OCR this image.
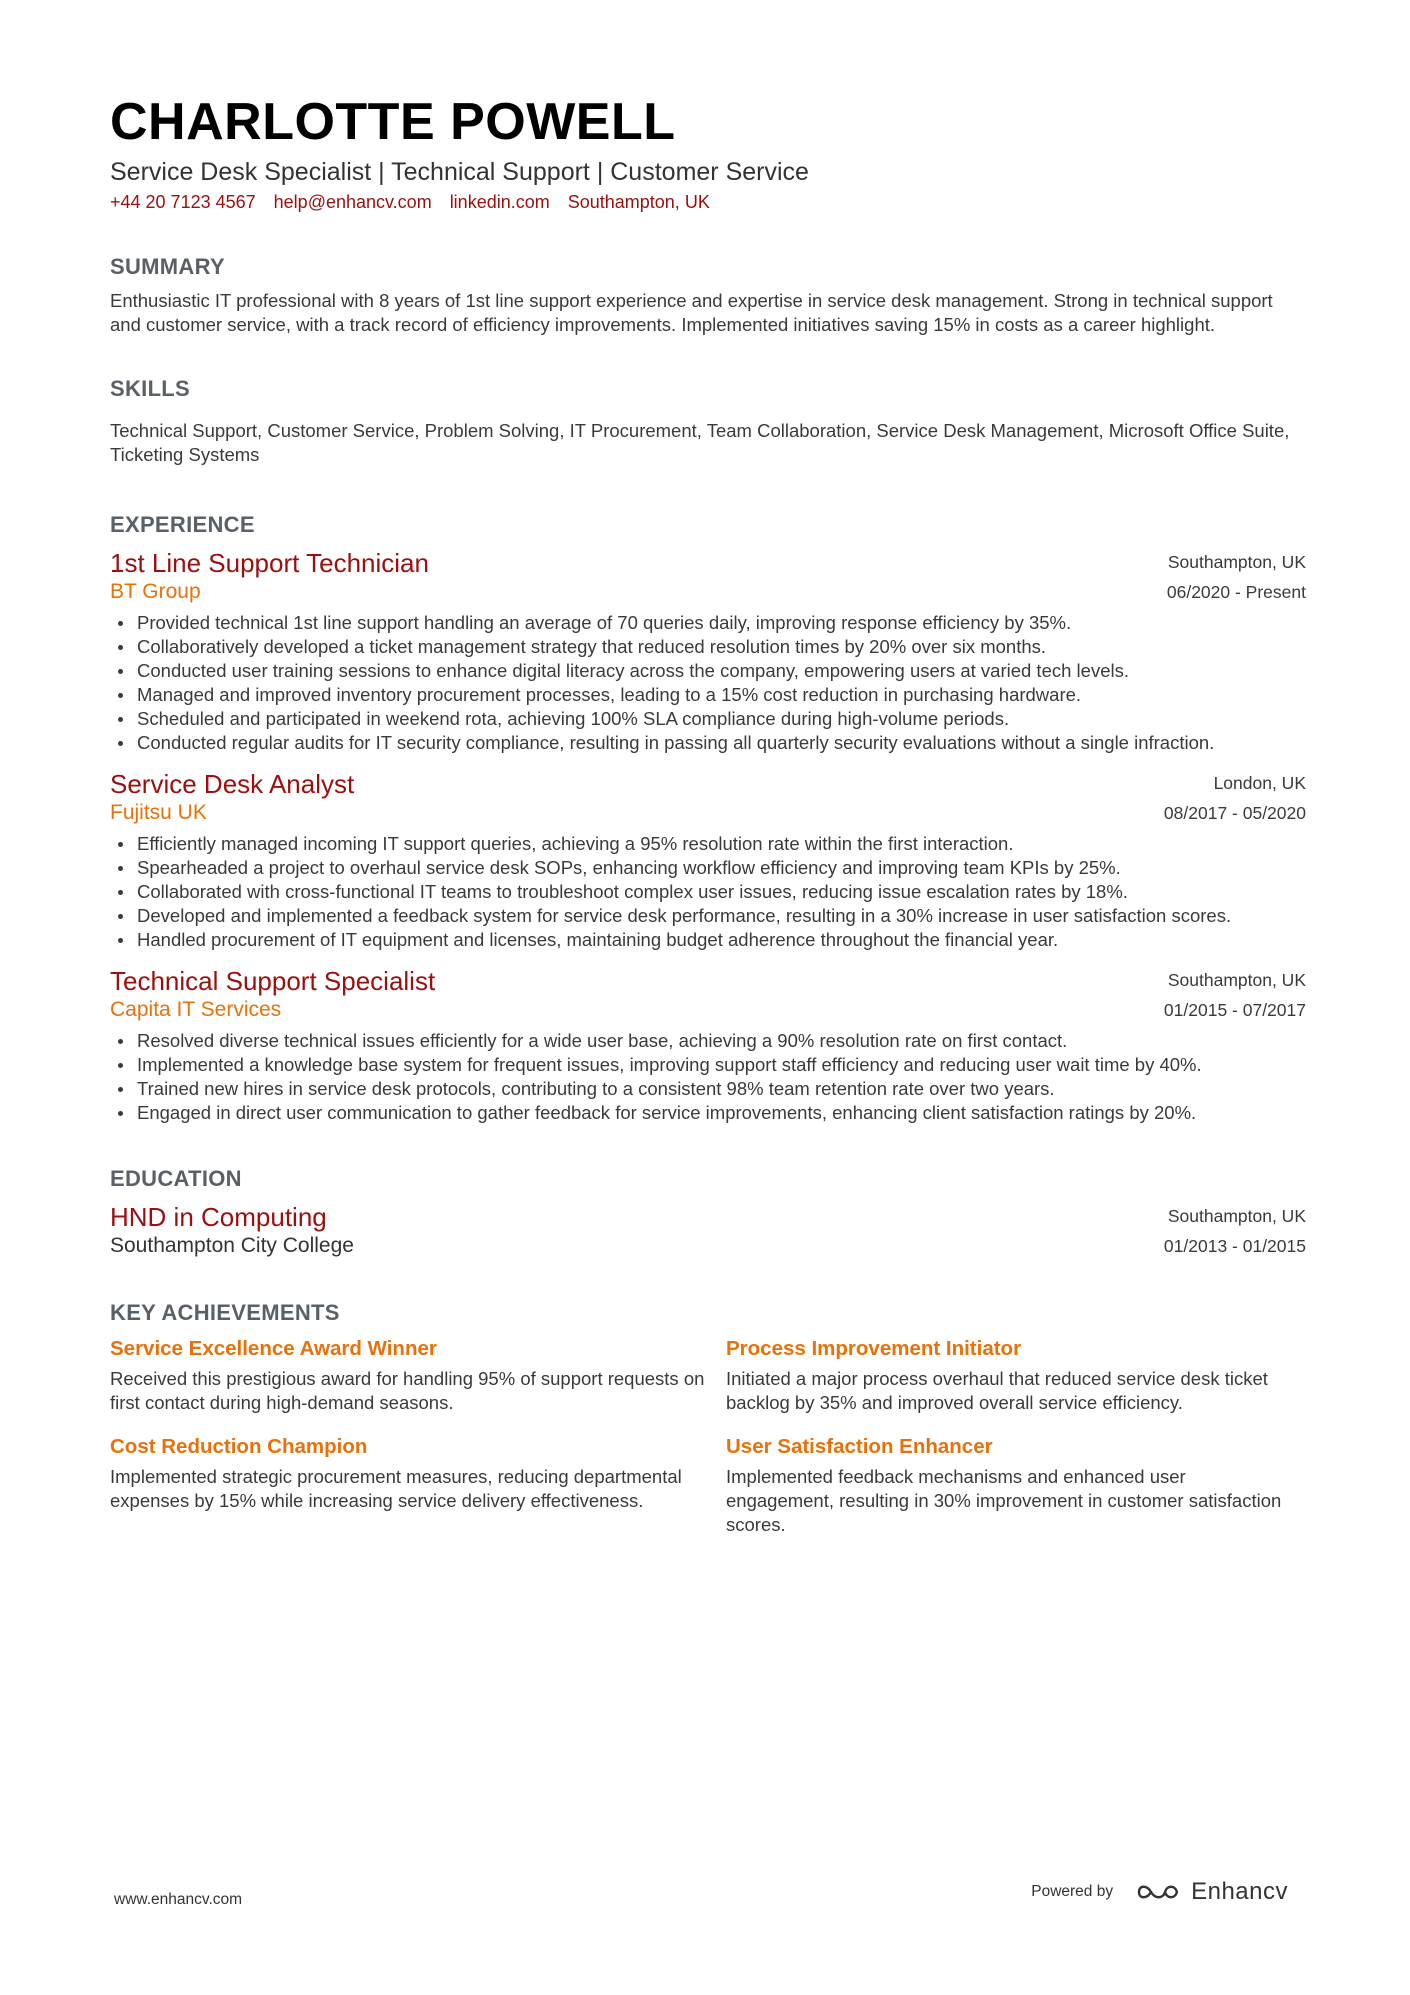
CHARLOTTE POWELL
Service Desk Specialist | Technical Support | Customer Service
+44 20 7123 4567 help@enhancv.com linkedin.com Southampton, UK
SUMMARY
Enthusiastic IT professional with 8 years of 1st line support experience and expertise in service desk management. Strong in technical support and customer service, with a track record of efficiency improvements. Implemented initiatives saving 15% in costs as a career highlight.
SKILLS
Technical Support, Customer Service, Problem Solving, IT Procurement, Team Collaboration, Service Desk Management, Microsoft Office Suite, Ticketing Systems
EXPERIENCE
1st Line Support Technician
BT Group
Southampton, UK
06/2020 - Present
Provided technical 1st line support handling an average of 70 queries daily, improving response efficiency by 35%.
Collaboratively developed a ticket management strategy that reduced resolution times by 20% over six months.
Conducted user training sessions to enhance digital literacy across the company, empowering users at varied tech levels.
Managed and improved inventory procurement processes, leading to a 15% cost reduction in purchasing hardware.
Scheduled and participated in weekend rota, achieving 100% SLA compliance during high-volume periods.
Conducted regular audits for IT security compliance, resulting in passing all quarterly security evaluations without a single infraction.
Service Desk Analyst
Fujitsu UK
London, UK
08/2017 - 05/2020
Efficiently managed incoming IT support queries, achieving a 95% resolution rate within the first interaction.
Spearheaded a project to overhaul service desk SOPs, enhancing workflow efficiency and improving team KPIs by 25%.
Collaborated with cross-functional IT teams to troubleshoot complex user issues, reducing issue escalation rates by 18%.
Developed and implemented a feedback system for service desk performance, resulting in a 30% increase in user satisfaction scores.
Handled procurement of IT equipment and licenses, maintaining budget adherence throughout the financial year.
Technical Support Specialist
Capita IT Services
Southampton, UK
01/2015 - 07/2017
Resolved diverse technical issues efficiently for a wide user base, achieving a 90% resolution rate on first contact.
Implemented a knowledge base system for frequent issues, improving support staff efficiency and reducing user wait time by 40%.
Trained new hires in service desk protocols, contributing to a consistent 98% team retention rate over two years.
Engaged in direct user communication to gather feedback for service improvements, enhancing client satisfaction ratings by 20%.
EDUCATION
HND in Computing
Southampton City College
Southampton, UK
01/2013 - 01/2015
KEY ACHIEVEMENTS
Service Excellence Award Winner
Received this prestigious award for handling 95% of support requests on first contact during high-demand seasons.
Process Improvement Initiator
Initiated a major process overhaul that reduced service desk ticket backlog by 35% and improved overall service efficiency.
Cost Reduction Champion
Implemented strategic procurement measures, reducing departmental expenses by 15% while increasing service delivery effectiveness.
User Satisfaction Enhancer
Implemented feedback mechanisms and enhanced user engagement, resulting in 30% improvement in customer satisfaction scores.
www.enhancv.com	Powered by	Enhancv
